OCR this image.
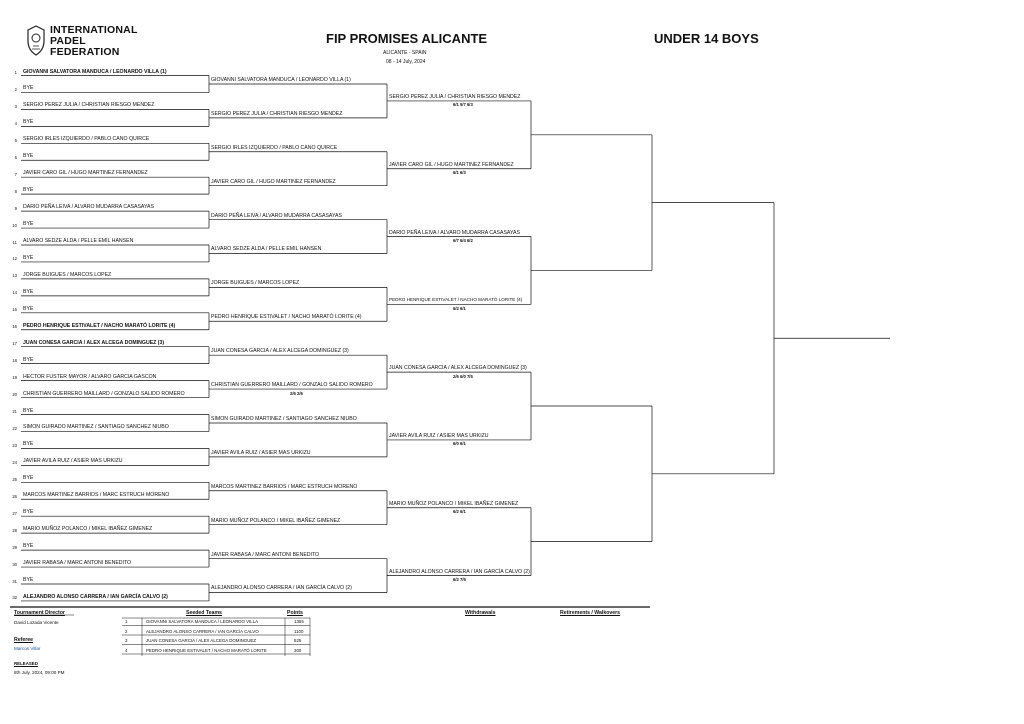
INTERNATIONAL
PADEL
FEDERATION
FIP PROMISES ALICANTE
ALICANTE - SPAIN
08 - 14 July, 2024
UNDER 14 BOYS
1 GIOVANNI SALVATORA MANDUCA / LEONARDO VILLA (1)
2 BYE
3 SERGIO PEREZ JULIA / CHRISTIAN RIESGO MENDEZ
4 BYE
5 SERGIO IRLES IZQUIERDO / PABLO CANO QUIRCE
6 BYE
7 JAVIER CARO GIL / HUGO MARTINEZ FERNANDEZ
8 BYE
9 DARIO PEÑA LEIVA / ALVARO MUDARRA CASASAYAS
10 BYE
11 ALVARO SEDZE ALDA / PELLE EMIL HANSEN
12 BYE
13 JORGE BUIGUES / MARCOS LOPEZ
14 BYE
15 BYE
16 PEDRO HENRIQUE ESTIVALET / NACHO MARATÓ LORITE (4)
17 JUAN CONESA GARCIA / ALEX ALCEGA DOMINGUEZ (3)
18 BYE
19 HECTOR FUSTER MAYOR / ALVARO GARCIA GASCON
20 CHRISTIAN GUERRERO MAILLARD / GONZALO SALIDO ROMERO
21 BYE
22 SIMON GUIRADO MARTINEZ / SANTIAGO SANCHEZ NIUBO
23 BYE
24 JAVIER AVILA RUIZ / ASIER MAS URKIZU
25 BYE
26 MARCOS MARTINEZ BARRIOS / MARC ESTRUCH MORENO
27 BYE
28 MARIO MUÑOZ POLANCO / MIKEL IBAÑEZ GIMENEZ
29 BYE
30 JAVIER RABASA / MARC ANTONI BENEDITO
31 BYE
32 ALEJANDRO ALONSO CARRERA / IAN GARCÍA CALVO (2)
GIOVANNI SALVATORA MANDUCA / LEONARDO VILLA (1)
SERGIO PEREZ JULIA / CHRISTIAN RIESGO MENDEZ
SERGIO IRLES IZQUIERDO / PABLO CANO QUIRCE
JAVIER CARO GIL / HUGO MARTINEZ FERNANDEZ
DARIO PEÑA LEIVA / ALVARO MUDARRA CASASAYAS
ALVARO SEDZE ALDA / PELLE EMIL HANSEN
JORGE BUIGUES / MARCOS LOPEZ
PEDRO HENRIQUE ESTIVALET / NACHO MARATÓ LORITE (4)
JUAN CONESA GARCIA / ALEX ALCEGA DOMINGUEZ (3)
CHRISTIAN GUERRERO MAILLARD / GONZALO SALIDO ROMERO
2/6 2/6
SIMON GUIRADO MARTINEZ / SANTIAGO SANCHEZ NIUBO
JAVIER AVILA RUIZ / ASIER MAS URKIZU
MARCOS MARTINEZ BARRIOS / MARC ESTRUCH MORENO
MARIO MUÑOZ POLANCO / MIKEL IBAÑEZ GIMENEZ
JAVIER RABASA / MARC ANTONI BENEDITO
ALEJANDRO ALONSO CARRERA / IAN GARCÍA CALVO (2)
SERGIO PEREZ JULIA / CHRISTIAN RIESGO MENDEZ
6/1 5/7 6/3
JAVIER CARO GIL / HUGO MARTINEZ FERNANDEZ
6/1 6/3
DARIO PEÑA LEIVA / ALVARO MUDARRA CASASAYAS
6/7 6/4 6/2
PEDRO HENRIQUE ESTIVALET / NACHO MARATÓ LORITE (4)
6/2 6/1
JUAN CONESA GARCIA / ALEX ALCEGA DOMINGUEZ (3)
2/6 6/0 7/5
JAVIER AVILA RUIZ / ASIER MAS URKIZU
6/0 6/1
MARIO MUÑOZ POLANCO / MIKEL IBAÑEZ GIMENEZ
6/2 6/1
ALEJANDRO ALONSO CARRERA / IAN GARCÍA CALVO (2)
6/2 7/5
Tournament Director
David Lozada Vicente
Referee
Marcos Villar
Seeded Teams	Points
1	GIOVANNI SALVATORA MANDUCA / LEONARDO VILLA	1355
2	ALEJANDRO ALONSO CARRERA / IAN GARCÍA CALVO	1100
3	JUAN CONESA GARCIA / ALEX ALCEGA DOMINGUEZ	525
4	PEDRO HENRIQUE ESTIVALET / NACHO MARATÓ LORITE	300
Withdrawals	Retirements / Walkovers
RELEASED
8th July, 2024, 09:00 PM
